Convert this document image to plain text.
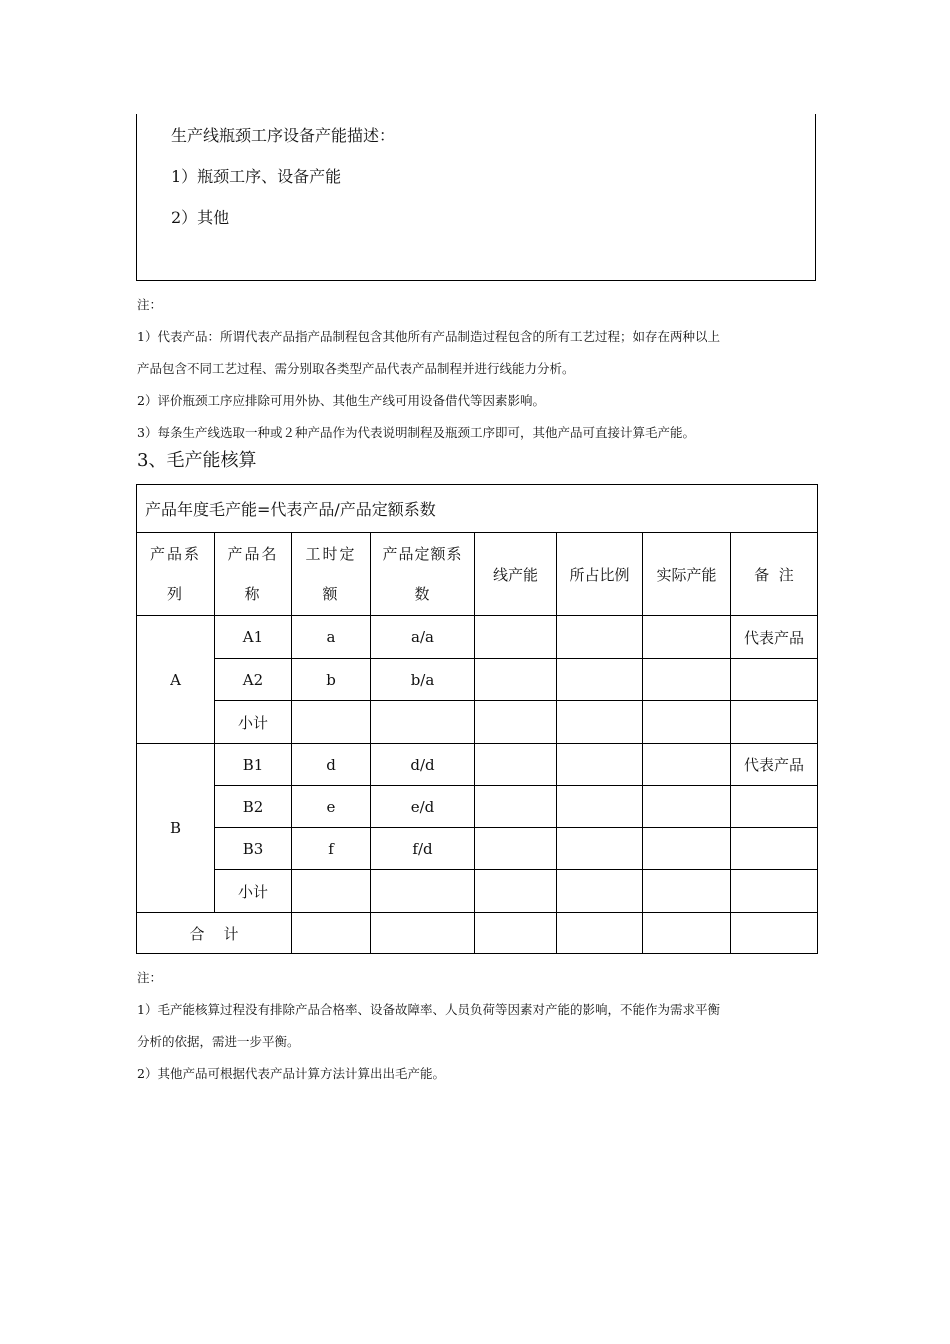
生产线瓶颈工序设备产能描述：
1）瓶颈工序、设备产能
2）其他
注：
1）代表产品：所谓代表产品指产品制程包含其他所有产品制造过程包含的所有工艺过程；如存在两种以上
产品包含不同工艺过程、需分别取各类型产品代表产品制程并进行线能力分析。
2）评价瓶颈工序应排除可用外协、其他生产线可用设备借代等因素影响。
3）每条生产线选取一种或２种产品作为代表说明制程及瓶颈工序即可，其他产品可直接计算毛产能。
3、毛产能核算
产品年度毛产能=代表产品/产品定额系数							
产品系列	产品名称	工时定额	产品定额系数	线产能	所占比例	实际产能	备  注
A	A1	a	a/a				代表产品
	A2	b	b/a				
	小计						
B	B1	d	d/d				代表产品
	B2	e	e/d				
	B3	f	f/d				
	小计						
合    计							
注：
1）毛产能核算过程没有排除产品合格率、设备故障率、人员负荷等因素对产能的影响，不能作为需求平衡
分析的依据，需进一步平衡。
2）其他产品可根据代表产品计算方法计算出出毛产能。
